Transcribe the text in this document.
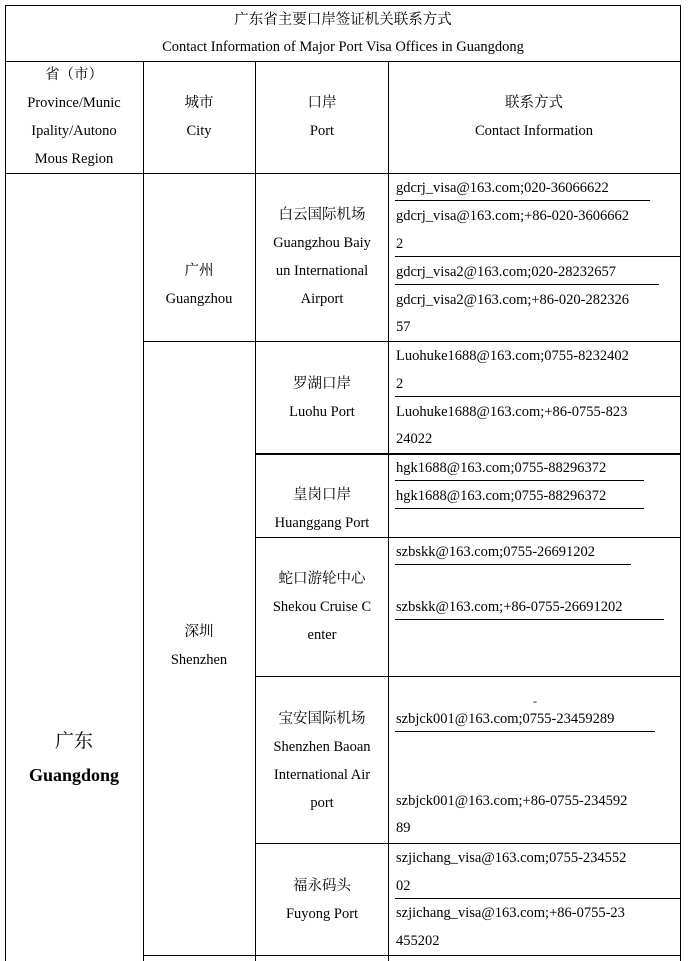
广东省主要口岸签证机关联系方式
Contact Information of Major Port Visa Offices in Guangdong
省（市）
Province/Munic
Ipality/Autono
Mous Region
城市
City
口岸
Port
联系方式
Contact Information
广东
Guangdong
广州
Guangzhou
深圳
Shenzhen
白云国际机场
Guangzhou Baiy
un International
Airport
罗湖口岸
Luohu Port
皇岗口岸
Huanggang Port
蛇口游轮中心
Shekou Cruise C
enter
宝安国际机场
Shenzhen Baoan
International Air
port
福永码头
Fuyong Port
gdcrj_visa@163.com;020-36066622
gdcrj_visa@163.com;+86-020-3606662
2
gdcrj_visa2@163.com;020-28232657
gdcrj_visa2@163.com;+86-020-282326
57
Luohuke1688@163.com;0755-8232402
2
Luohuke1688@163.com;+86-0755-823
24022
hgk1688@163.com;0755-88296372
hgk1688@163.com;0755-88296372
szbskk@163.com;0755-26691202
szbskk@163.com;+86-0755-26691202
-
szbjck001@163.com;0755-23459289
szbjck001@163.com;+86-0755-234592
89
szjichang_visa@163.com;0755-234552
02
szjichang_visa@163.com;+86-0755-23
455202
